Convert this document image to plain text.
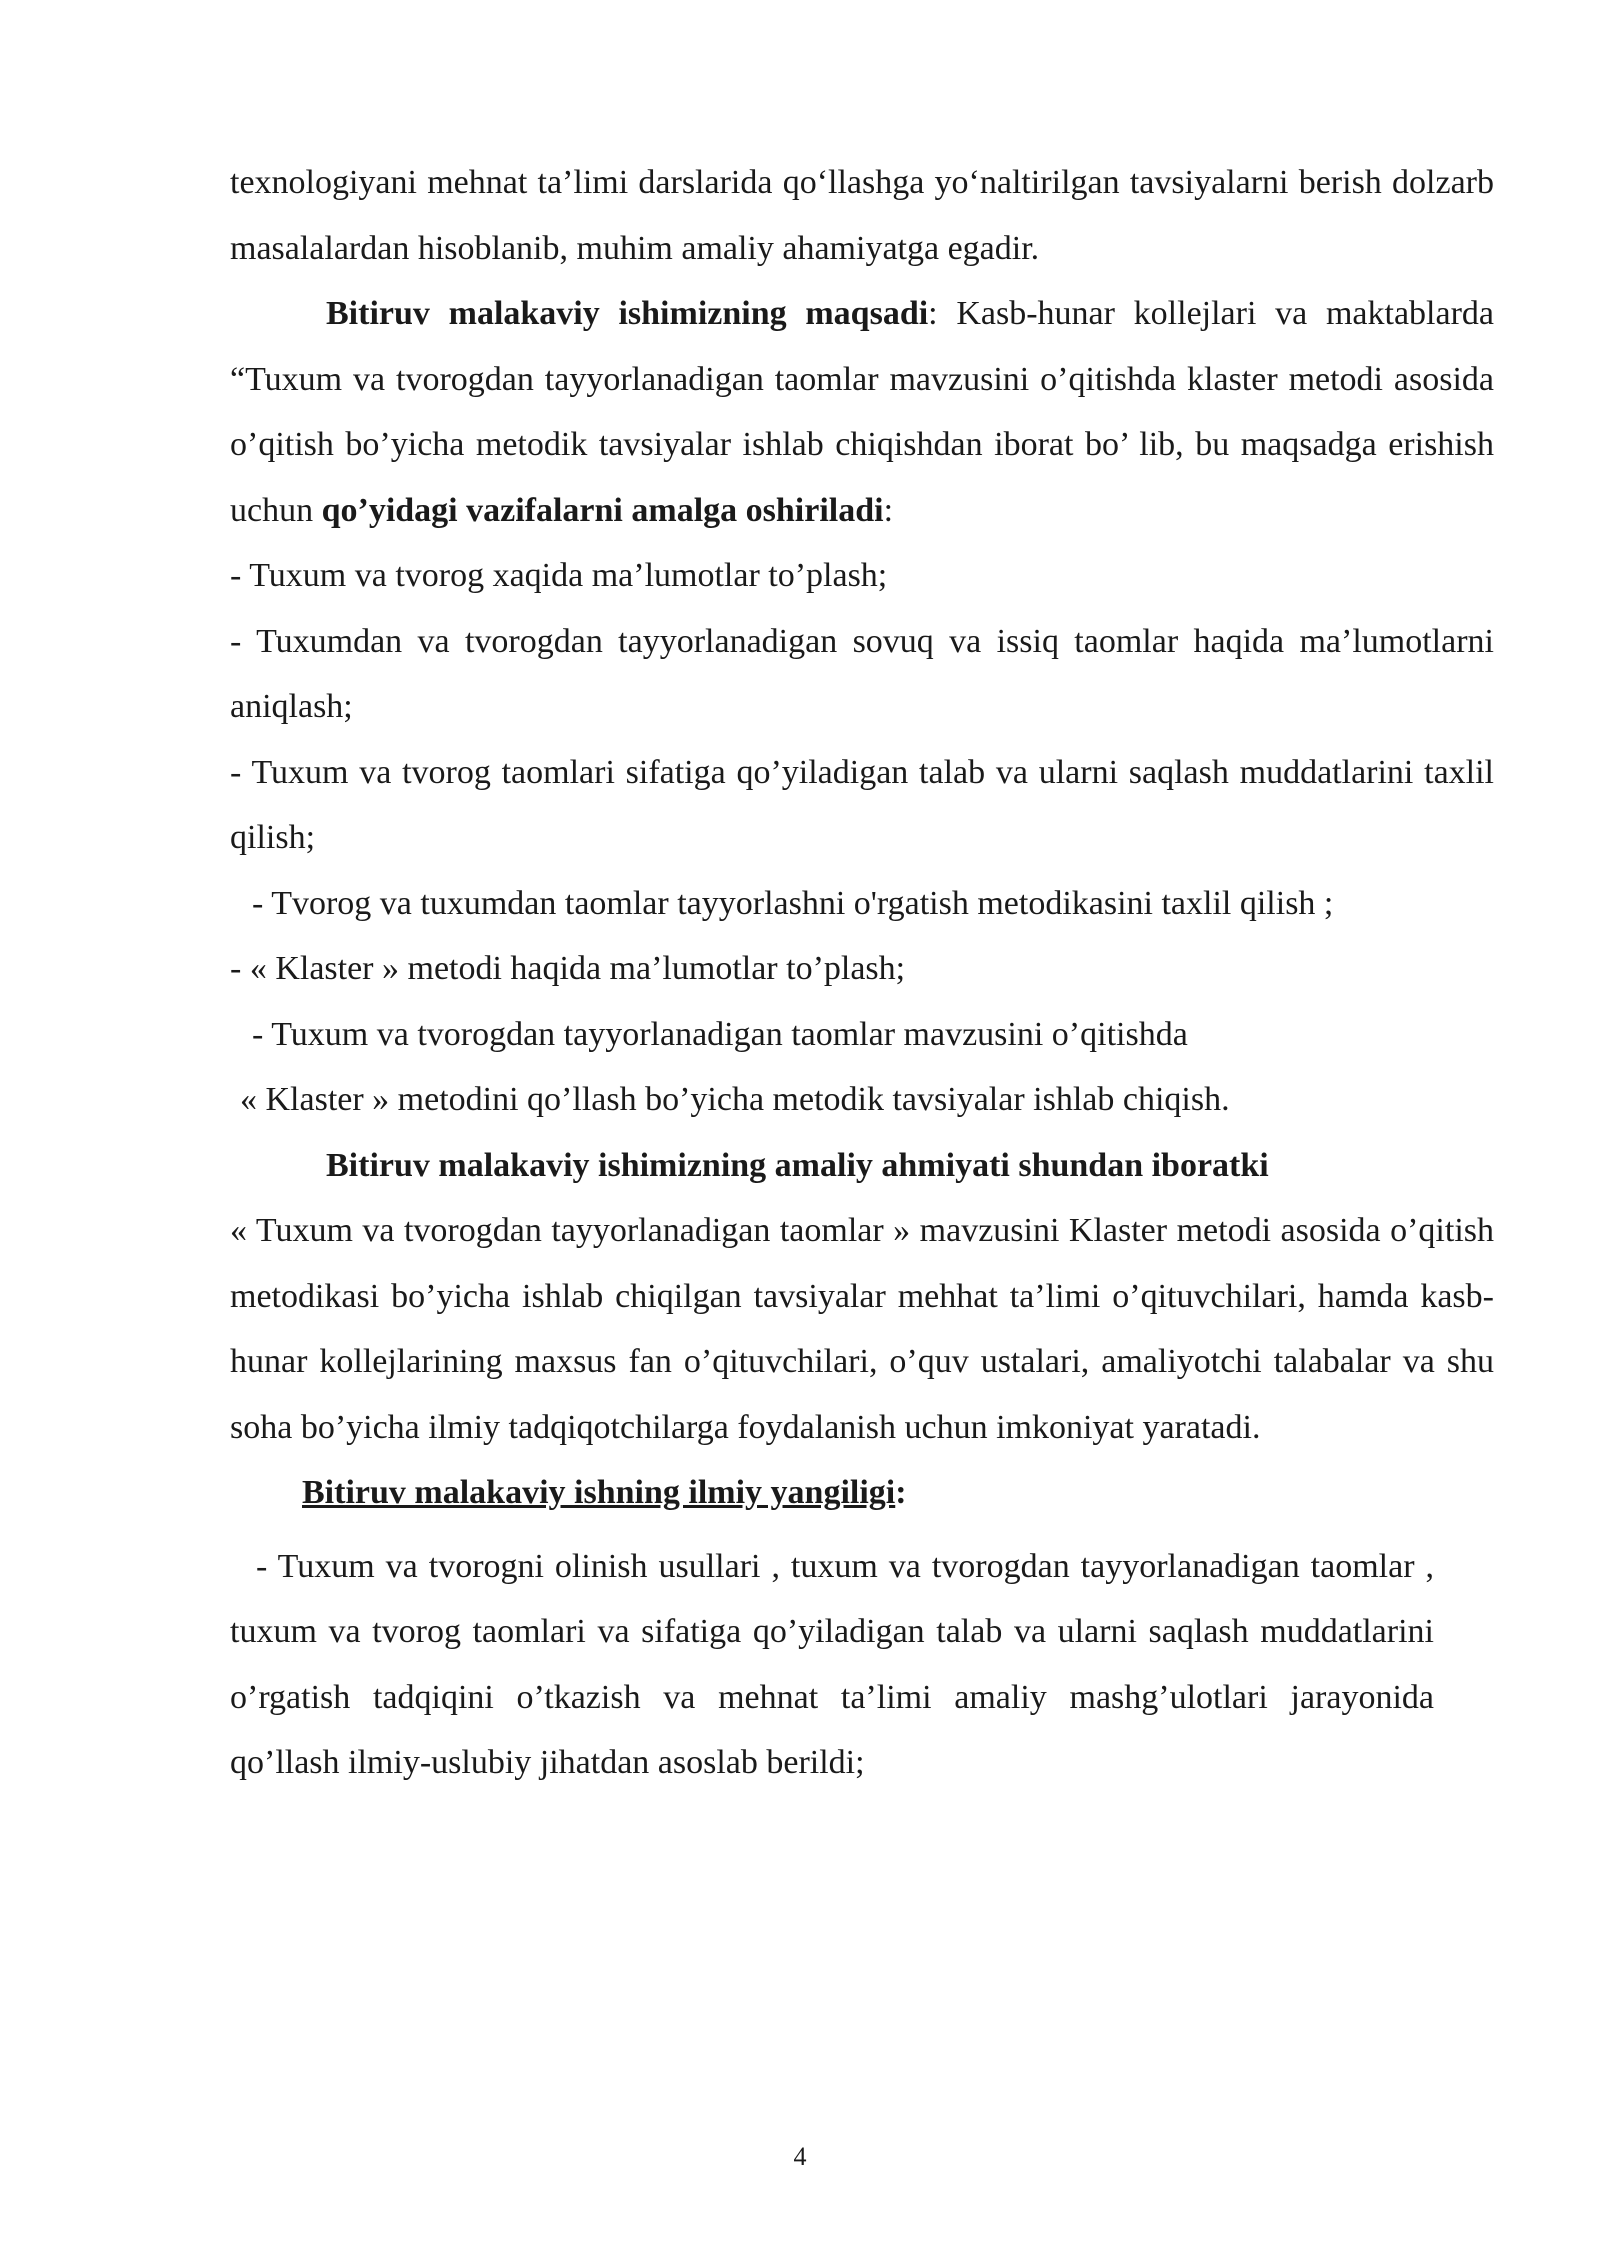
texnologiyani mehnat ta’limi darslarida qo‘llashga yo‘naltirilgan tavsiyalarni berish dolzarb masalalardan hisoblanib, muhim amaliy ahamiyatga egadir.

Bitiruv malakaviy ishimizning maqsadi: Kasb-hunar kollejlari va maktablarda “Tuxum va tvorogdan tayyorlanadigan taomlar mavzusini o’qitishda klaster metodi asosida o’qitish bo’yicha metodik tavsiyalar ishlab chiqishdan iborat bo’ lib, bu maqsadga erishish uchun qo’yidagi vazifalarni amalga oshiriladi:

- Tuxum va tvorog xaqida ma’lumotlar to’plash;

- Tuxumdan va tvorogdan tayyorlanadigan sovuq va issiq taomlar haqida ma’lumotlarni aniqlash;

- Tuxum va tvorog taomlari sifatiga qo’yiladigan talab va ularni saqlash muddatlarini taxlil qilish;

- Tvorog va tuxumdan taomlar tayyorlashni o'rgatish metodikasini taxlil qilish ;

- « Klaster » metodi haqida ma’lumotlar to’plash;

- Tuxum va tvorogdan tayyorlanadigan taomlar mavzusini o’qitishda

« Klaster » metodini qo’llash bo’yicha metodik tavsiyalar ishlab chiqish.

Bitiruv malakaviy ishimizning amaliy ahmiyati shundan iboratki

« Tuxum va tvorogdan tayyorlanadigan taomlar » mavzusini Klaster metodi asosida o’qitish metodikasi bo’yicha ishlab chiqilgan tavsiyalar mehhat ta’limi o’qituvchilari, hamda kasb-hunar kollejlarining maxsus fan o’qituvchilari, o’quv ustalari, amaliyotchi talabalar va shu soha bo’yicha ilmiy tadqiqotchilarga foydalanish uchun imkoniyat yaratadi.

Bitiruv malakaviy ishning ilmiy yangiligi:

- Tuxum va tvorogni olinish usullari , tuxum va tvorogdan tayyorlanadigan taomlar , tuxum va tvorog taomlari va sifatiga qo’yiladigan talab va ularni saqlash muddatlarini o’rgatish tadqiqini o’tkazish va mehnat ta’limi amaliy mashg’ulotlari jarayonida qo’llash ilmiy-uslubiy jihatdan asoslab berildi;

4
